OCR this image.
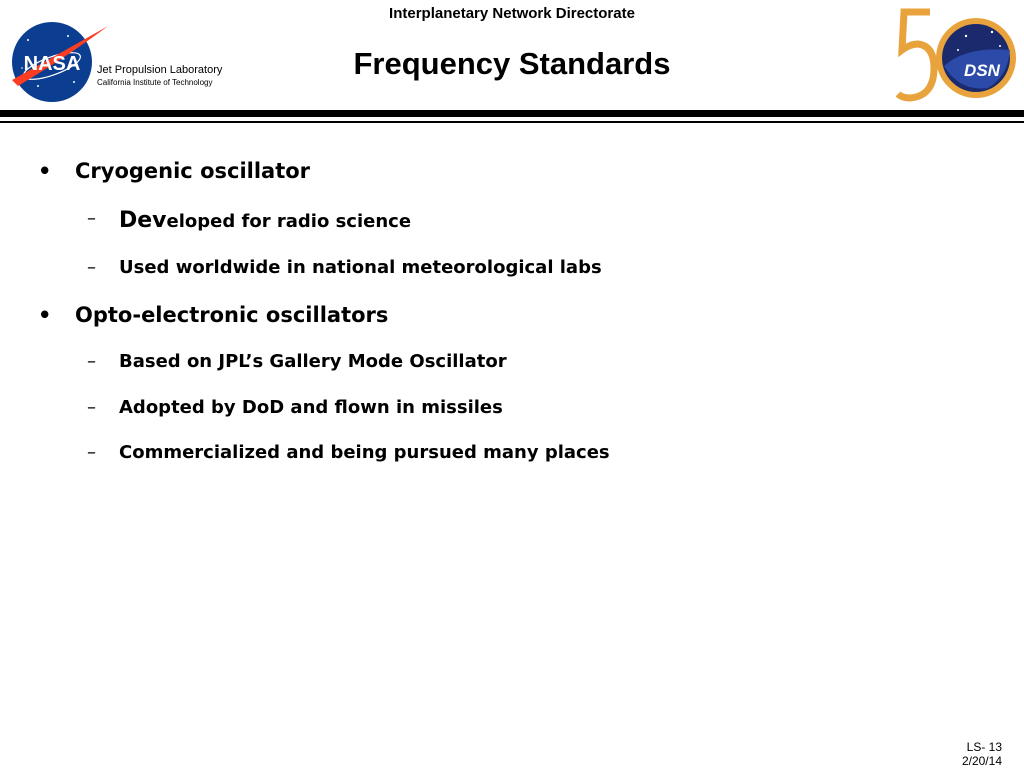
Interplanetary Network Directorate
Frequency Standards
NASA Jet Propulsion Laboratory
California Institute of Technology
DSN
• Cryogenic oscillator
– Developed for radio science
– Used worldwide in national meteorological labs
• Opto-electronic oscillators
– Based on JPL’s Gallery Mode Oscillator
– Adopted by DoD and flown in missiles
– Commercialized and being pursued many places
LS- 13
2/20/14
